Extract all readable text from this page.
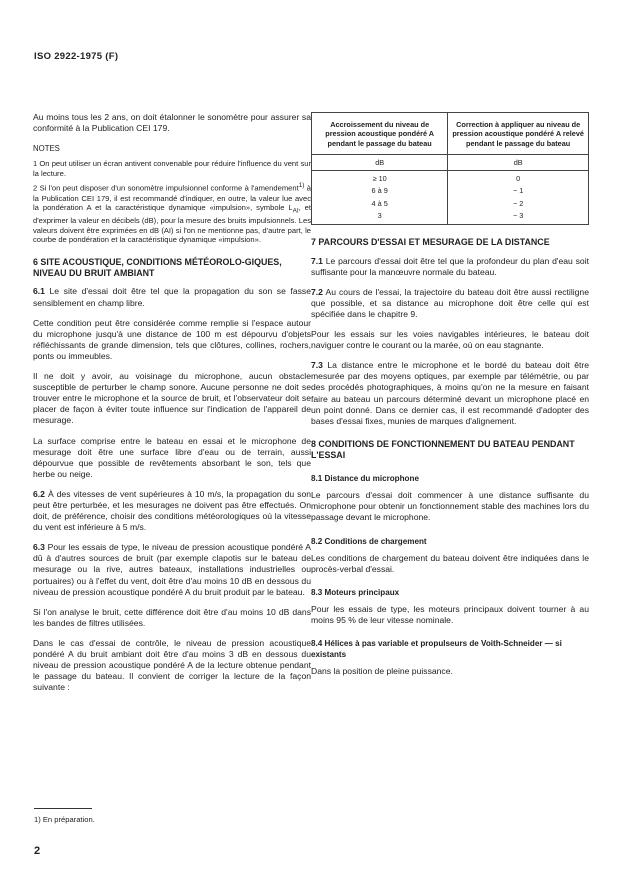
ISO 2922-1975 (F)

Au moins tous les 2 ans, on doit étalonner le sonomètre pour assurer sa conformité à la Publication CEI 179.

NOTES

1 On peut utiliser un écran antivent convenable pour réduire l'influence du vent sur la lecture.

2 Si l'on peut disposer d'un sonomètre impulsionnel conforme à l'amendement$^{1)}$ à la Publication CEI 179, il est recommandé d'indiquer, en outre, la valeur lue avec la pondération A et la caractéristique dynamique «impulsion», symbole $L_{AI}$, et d'exprimer la valeur en décibels (dB), pour la mesure des bruits impulsionnels. Les valeurs doivent être exprimées en dB (AI) si l'on ne mentionne pas, d'autre part, le courbe de pondération et la caractéristique dynamique «impulsion».

6 SITE ACOUSTIQUE, CONDITIONS MÉTÉOROLO-GIQUES, NIVEAU DU BRUIT AMBIANT

6.1 Le site d'essai doit être tel que la propagation du son se fasse sensiblement en champ libre.

Cette condition peut être considérée comme remplie si l'espace autour du microphone jusqu'à une distance de 100 m est dépourvu d'objets réfléchissants de grande dimension, tels que clôtures, collines, rochers, ponts ou immeubles.

Il ne doit y avoir, au voisinage du microphone, aucun obstacle susceptible de perturber le champ sonore. Aucune personne ne doit se trouver entre le microphone et la source de bruit, et l'observateur doit se placer de façon à éviter toute influence sur l'indication de l'appareil de mesurage.

La surface comprise entre le bateau en essai et le microphone de mesurage doit être une surface libre d'eau ou de terrain, aussi dépourvue que possible de revêtements absorbant le son, tels que herbe ou neige.

6.2 À des vitesses de vent supérieures à 10 m/s, la propagation du son peut être perturbée, et les mesurages ne doivent pas être effectués. On doit, de préférence, choisir des conditions météorologiques où la vitesse du vent est inférieure à 5 m/s.

6.3 Pour les essais de type, le niveau de pression acoustique pondéré A dû à d'autres sources de bruit (par exemple clapotis sur le bateau de mesurage ou la rive, autres bateaux, installations industrielles ou portuaires) ou à l'effet du vent, doit être d'au moins 10 dB en dessous du niveau de pression acoustique pondéré A du bruit produit par le bateau.

Si l'on analyse le bruit, cette différence doit être d'au moins 10 dB dans les bandes de filtres utilisées.

Dans le cas d'essai de contrôle, le niveau de pression acoustique pondéré A du bruit ambiant doit être d'au moins 3 dB en dessous du niveau de pression acoustique pondéré A de la lecture obtenue pendant le passage du bateau. Il convient de corriger la lecture de la façon suivante :

Accroissement du niveau de pression acoustique pondéré A pendant le passage du bateau	Correction à appliquer au niveau de pression acoustique pondéré A relevé pendant le passage du bateau
dB	dB
≥ 10	0
6 à 9	− 1
4 à 5	− 2
3	− 3
7 PARCOURS D'ESSAI ET MESURAGE DE LA DISTANCE

7.1 Le parcours d'essai doit être tel que la profondeur du plan d'eau soit suffisante pour la manœuvre normale du bateau.

7.2 Au cours de l'essai, la trajectoire du bateau doit être aussi rectiligne que possible, et sa distance au microphone doit être celle qui est spécifiée dans le chapitre 9.

Pour les essais sur les voies navigables intérieures, le bateau doit naviguer contre le courant ou la marée, où on eau stagnante.

7.3 La distance entre le microphone et le bordé du bateau doit être mesurée par des moyens optiques, par exemple par télémétrie, ou par des procédés photographiques, à moins qu'on ne la mesure en faisant faire au bateau un parcours déterminé devant un microphone placé en un point donné. Dans ce dernier cas, il est recommandé d'adopter des bases d'essai fixes, munies de marques d'alignement.

8 CONDITIONS DE FONCTIONNEMENT DU BATEAU PENDANT L'ESSAI
8.1 Distance du microphone

Le parcours d'essai doit commencer à une distance suffisante du microphone pour obtenir un fonctionnement stable des machines lors du passage devant le microphone.

8.2 Conditions de chargement

Les conditions de chargement du bateau doivent être indiquées dans le procès-verbal d'essai.

8.3 Moteurs principaux

Pour les essais de type, les moteurs principaux doivent tourner à au moins 95 % de leur vitesse nominale.

8.4 Hélices à pas variable et propulseurs de Voith-Schneider — si existants

Dans la position de pleine puissance.

1) En préparation.
2
